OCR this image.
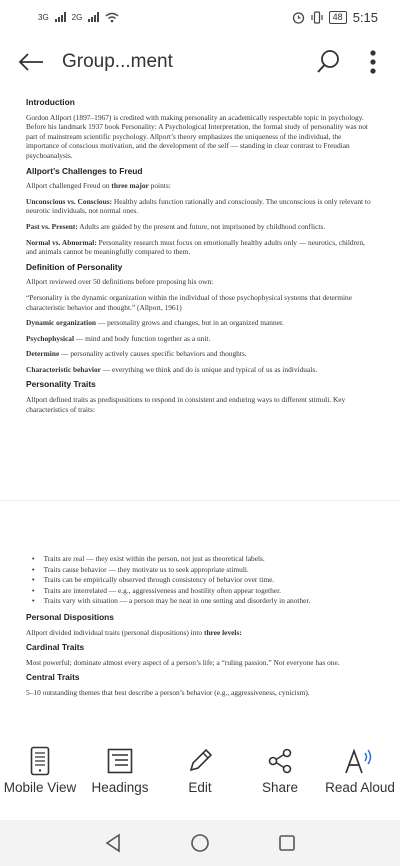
3G	2G	48 5:15
Group...ment
Introduction
Gordon Allport (1897–1967) is credited with making personality an academically respectable topic in psychology. Before his landmark 1937 book Personality: A Psychological Interpretation, the formal study of personality was not part of mainstream scientific psychology. Allport’s theory emphasizes the uniqueness of the individual, the importance of conscious motivation, and the development of the self — standing in clear contrast to Freudian psychoanalysis.
Allport’s Challenges to Freud
Allport challenged Freud on three major points:
Unconscious vs. Conscious: Healthy adults function rationally and consciously. The unconscious is only relevant to neurotic individuals, not normal ones.
Past vs. Present: Adults are guided by the present and future, not imprisoned by childhood conflicts.
Normal vs. Abnormal: Personality research must focus on emotionally healthy adults only — neurotics, children, and animals cannot be meaningfully compared to them.
Definition of Personality
Allport reviewed over 50 definitions before proposing his own:
“Personality is the dynamic organization within the individual of those psychophysical systems that determine characteristic behavior and thought.” (Allport, 1961)
Dynamic organization — personality grows and changes, but in an organized manner.
Psychophysical — mind and body function together as a unit.
Determine — personality actively causes specific behaviors and thoughts.
Characteristic behavior — everything we think and do is unique and typical of us as individuals.
Personality Traits
Allport defined traits as predispositions to respond in consistent and enduring ways to different stimuli. Key characteristics of traits:
• Traits are real — they exist within the person, not just as theoretical labels.
• Traits cause behavior — they motivate us to seek appropriate stimuli.
• Traits can be empirically observed through consistency of behavior over time.
• Traits are interrelated — e.g., aggressiveness and hostility often appear together.
• Traits vary with situation — a person may be neat in one setting and disorderly in another.
Personal Dispositions
Allport divided individual traits (personal dispositions) into three levels:
Cardinal Traits
Most powerful; dominate almost every aspect of a person’s life; a “ruling passion.” Not everyone has one.
Central Traits
5–10 outstanding themes that best describe a person’s behavior (e.g., aggressiveness, cynicism).
Mobile View Headings	Edit	Share Read Aloud
